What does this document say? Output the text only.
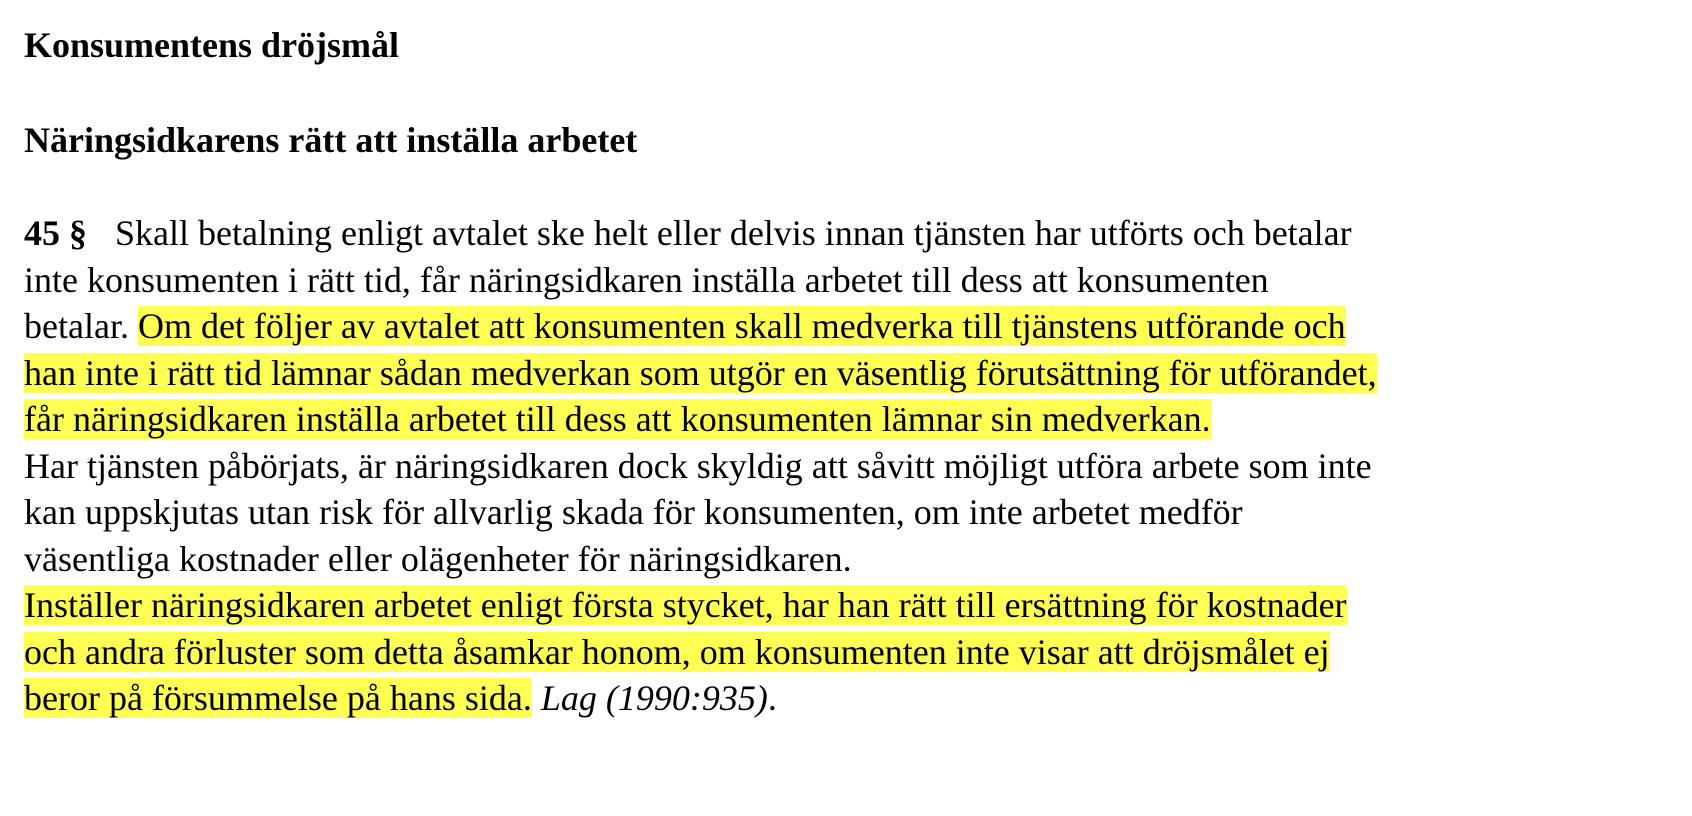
Konsumentens dröjsmål
Näringsidkarens rätt att inställa arbetet
45 § Skall betalning enligt avtalet ske helt eller delvis innan tjänsten har utförts och betalar
inte konsumenten i rätt tid, får näringsidkaren inställa arbetet till dess att konsumenten
betalar. Om det följer av avtalet att konsumenten skall medverka till tjänstens utförande och
han inte i rätt tid lämnar sådan medverkan som utgör en väsentlig förutsättning för utförandet,
får näringsidkaren inställa arbetet till dess att konsumenten lämnar sin medverkan.
Har tjänsten påbörjats, är näringsidkaren dock skyldig att såvitt möjligt utföra arbete som inte
kan uppskjutas utan risk för allvarlig skada för konsumenten, om inte arbetet medför
väsentliga kostnader eller olägenheter för näringsidkaren.
Inställer näringsidkaren arbetet enligt första stycket, har han rätt till ersättning för kostnader
och andra förluster som detta åsamkar honom, om konsumenten inte visar att dröjsmålet ej
beror på försummelse på hans sida. Lag (1990:935).
